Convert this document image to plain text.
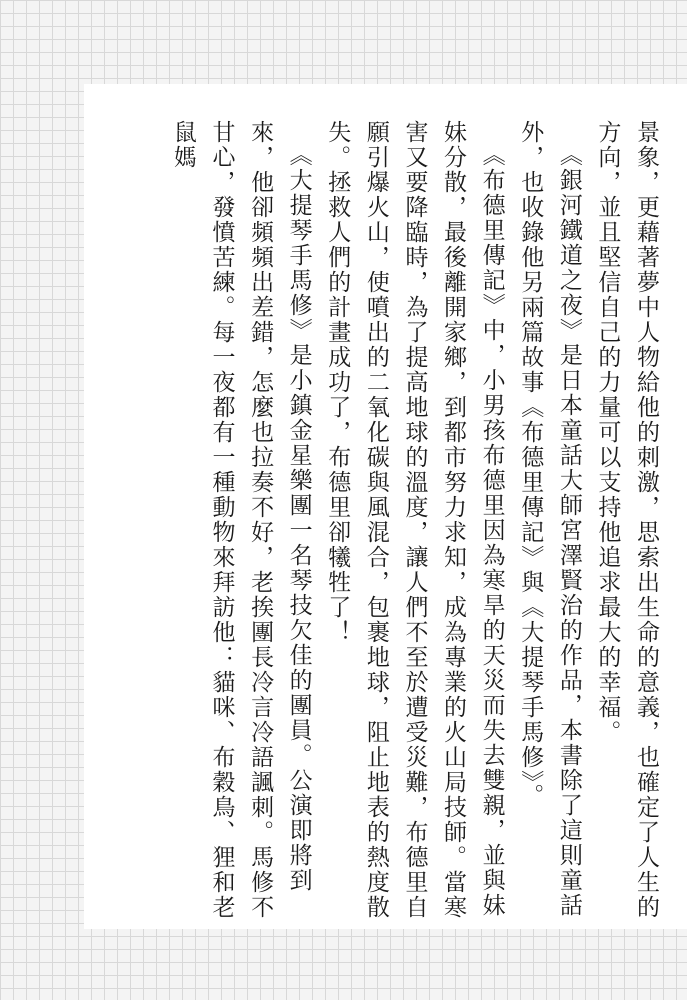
景象，更藉著夢中人物給他的刺激，思索出生命的意義，也確定了人生的方向，並且堅信自己的力量可以支持他追求最大的幸福。

《銀河鐵道之夜》是日本童話大師宮澤賢治的作品，本書除了這則童話外，也收錄他另兩篇故事《布德里傳記》與《大提琴手馬修》。

《布德里傳記》中，小男孩布德里因為寒旱的天災而失去雙親，並與妹妹分散，最後離開家鄉，到都市努力求知，成為專業的火山局技師。當寒害又要降臨時，為了提高地球的溫度，讓人們不至於遭受災難，布德里自願引爆火山，使噴出的二氧化碳與風混合，包裹地球，阻止地表的熱度散失。拯救人們的計畫成功了，布德里卻犧牲了！

《大提琴手馬修》是小鎮金星樂團一名琴技欠佳的團員。公演即將到來，他卻頻頻出差錯，怎麼也拉奏不好，老挨團長冷言冷語諷刺。馬修不甘心，發憤苦練。每一夜都有一種動物來拜訪他：貓咪、布穀鳥、狸和老鼠媽
